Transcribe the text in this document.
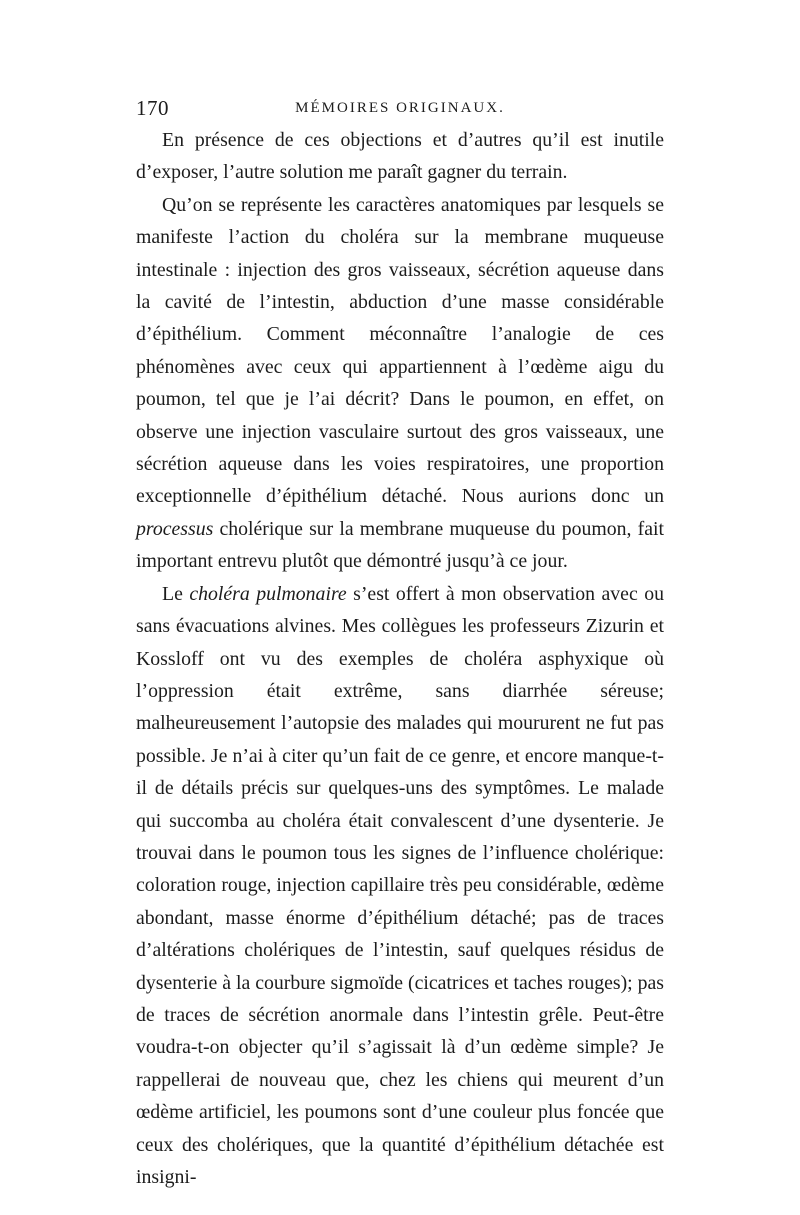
170	MÉMOIRES ORIGINAUX.

En présence de ces objections et d’autres qu’il est inutile d’exposer, l’autre solution me paraît gagner du terrain.

Qu’on se représente les caractères anatomiques par lesquels se manifeste l’action du choléra sur la membrane muqueuse intestinale : injection des gros vaisseaux, sécrétion aqueuse dans la cavité de l’intestin, abduction d’une masse considérable d’épithélium. Comment méconnaître l’analogie de ces phénomènes avec ceux qui appartiennent à l’œdème aigu du poumon, tel que je l’ai décrit? Dans le poumon, en effet, on observe une injection vasculaire surtout des gros vaisseaux, une sécrétion aqueuse dans les voies respiratoires, une proportion exceptionnelle d’épithélium détaché. Nous aurions donc un processus cholérique sur la membrane muqueuse du poumon, fait important entrevu plutôt que démontré jusqu’à ce jour.

Le choléra pulmonaire s’est offert à mon observation avec ou sans évacuations alvines. Mes collègues les professeurs Zizurin et Kossloff ont vu des exemples de choléra asphyxique où l’oppression était extrême, sans diarrhée séreuse; malheureusement l’autopsie des malades qui moururent ne fut pas possible. Je n’ai à citer qu’un fait de ce genre, et encore manque-t-il de détails précis sur quelques-uns des symptômes. Le malade qui succomba au choléra était convalescent d’une dysenterie. Je trouvai dans le poumon tous les signes de l’influence cholérique: coloration rouge, injection capillaire très peu considérable, œdème abondant, masse énorme d’épithélium détaché; pas de traces d’altérations cholériques de l’intestin, sauf quelques résidus de dysenterie à la courbure sigmoïde (cicatrices et taches rouges); pas de traces de sécrétion anormale dans l’intestin grêle. Peut-être voudra-t-on objecter qu’il s’agissait là d’un œdème simple? Je rappellerai de nouveau que, chez les chiens qui meurent d’un œdème artificiel, les poumons sont d’une couleur plus foncée que ceux des cholériques, que la quantité d’épithélium détachée est insigni-
